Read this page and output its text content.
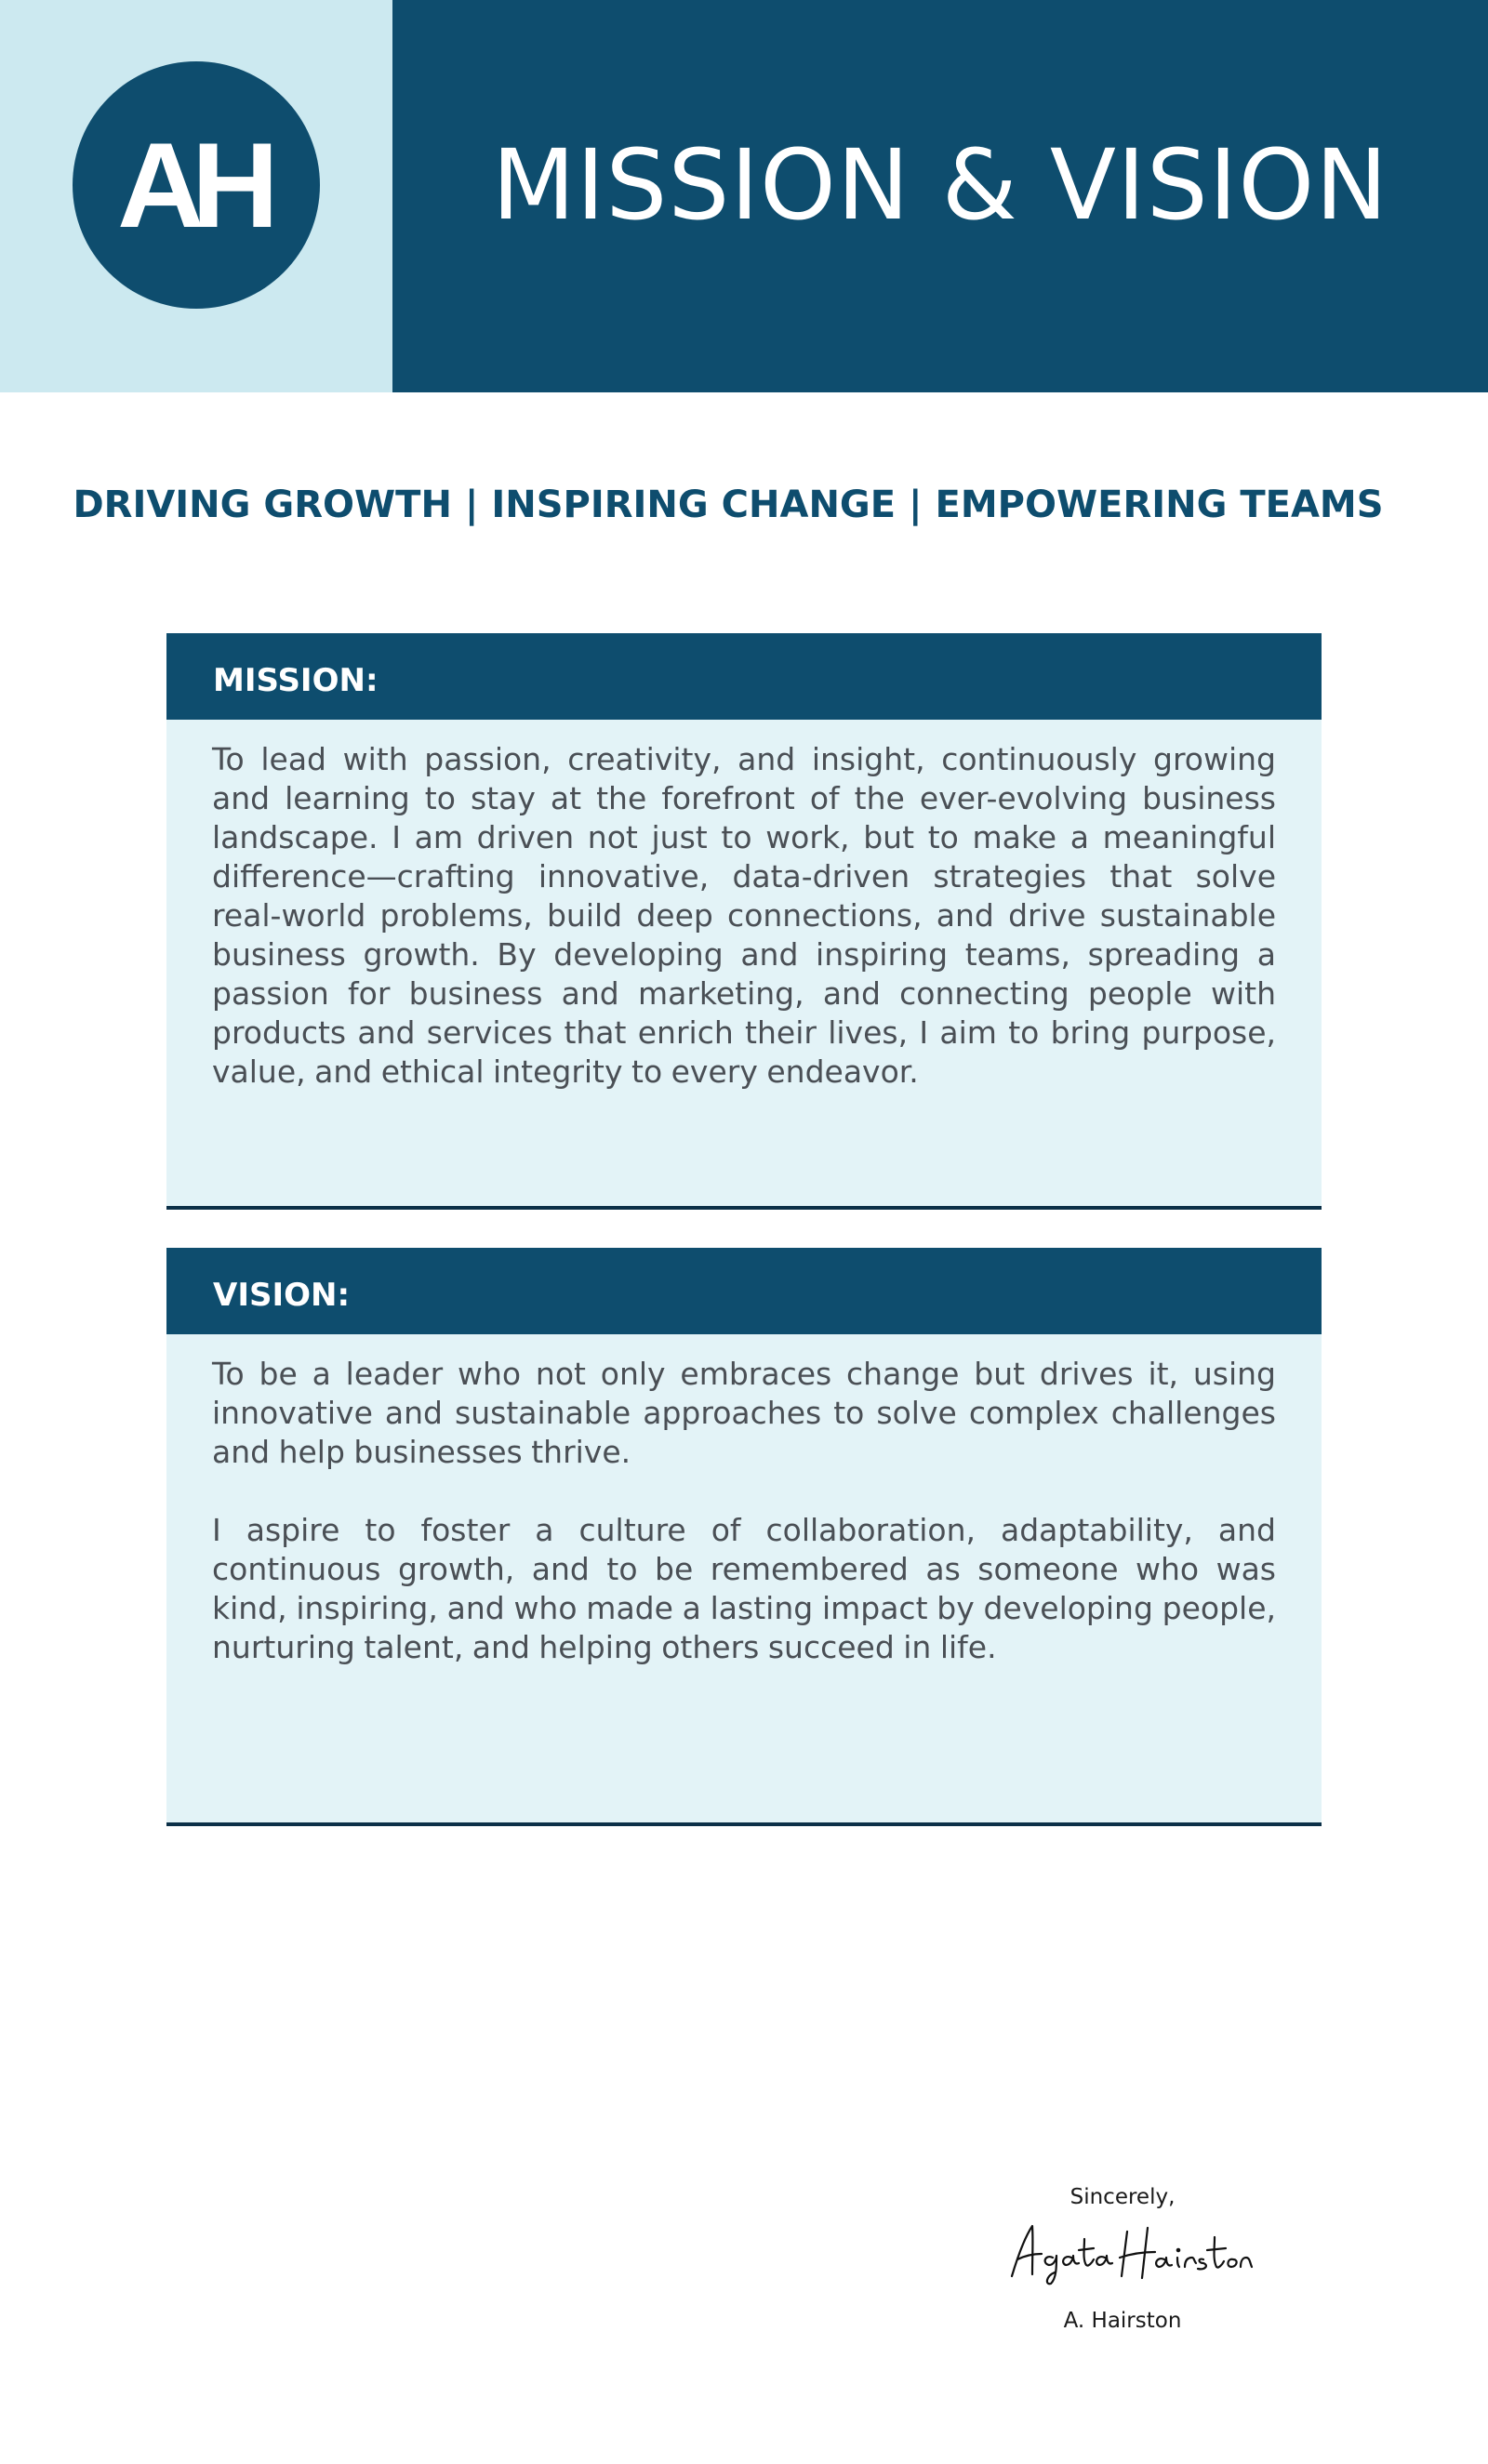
AH	MISSION & VISION

DRIVING GROWTH | INSPIRING CHANGE | EMPOWERING TEAMS

MISSION:

To lead with passion, creativity, and insight, continuously growing and learning to stay at the forefront of the ever-evolving business landscape. I am driven not just to work, but to make a meaningful difference—crafting innovative, data-driven strategies that solve real-world problems, build deep connections, and drive sustainable business growth. By developing and inspiring teams, spreading a passion for business and marketing, and connecting people with products and services that enrich their lives, I aim to bring purpose, value, and ethical integrity to every endeavor.

VISION:

To be a leader who not only embraces change but drives it, using innovative and sustainable approaches to solve complex challenges and help businesses thrive.

I aspire to foster a culture of collaboration, adaptability, and continuous growth, and to be remembered as someone who was kind, inspiring, and who made a lasting impact by developing people, nurturing talent, and helping others succeed in life.

Sincerely,
A. Hairston
